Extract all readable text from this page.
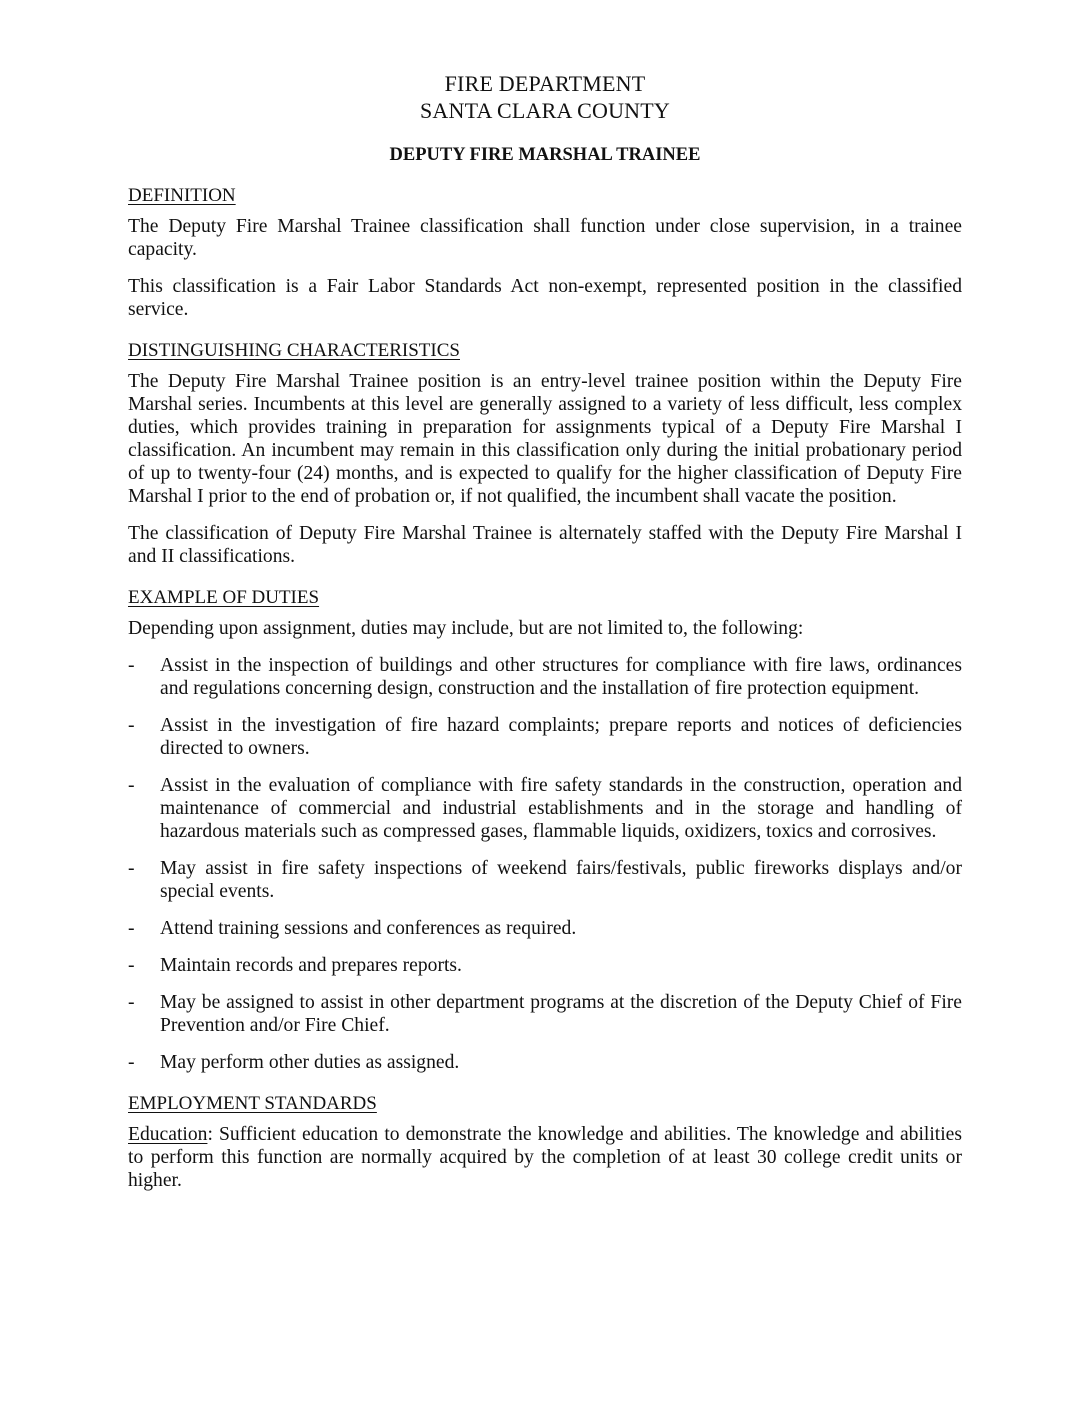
FIRE DEPARTMENT
SANTA CLARA COUNTY
DEPUTY FIRE MARSHAL TRAINEE
DEFINITION

The Deputy Fire Marshal Trainee classification shall function under close supervision, in a trainee capacity.

This classification is a Fair Labor Standards Act non-exempt, represented position in the classified service.

DISTINGUISHING CHARACTERISTICS

The Deputy Fire Marshal Trainee position is an entry-level trainee position within the Deputy Fire Marshal series. Incumbents at this level are generally assigned to a variety of less difficult, less complex duties, which provides training in preparation for assignments typical of a Deputy Fire Marshal I classification. An incumbent may remain in this classification only during the initial probationary period of up to twenty-four (24) months, and is expected to qualify for the higher classification of Deputy Fire Marshal I prior to the end of probation or, if not qualified, the incumbent shall vacate the position.

The classification of Deputy Fire Marshal Trainee is alternately staffed with the Deputy Fire Marshal I and II classifications.

EXAMPLE OF DUTIES

Depending upon assignment, duties may include, but are not limited to, the following:

-	Assist in the inspection of buildings and other structures for compliance with fire laws, ordinances and regulations concerning design, construction and the installation of fire protection equipment.
-	Assist in the investigation of fire hazard complaints; prepare reports and notices of deficiencies directed to owners.
-	Assist in the evaluation of compliance with fire safety standards in the construction, operation and maintenance of commercial and industrial establishments and in the storage and handling of hazardous materials such as compressed gases, flammable liquids, oxidizers, toxics and corrosives.
-	May assist in fire safety inspections of weekend fairs/festivals, public fireworks displays and/or special events.
-	Attend training sessions and conferences as required.
-	Maintain records and prepares reports.
-	May be assigned to assist in other department programs at the discretion of the Deputy Chief of Fire Prevention and/or Fire Chief.
-	May perform other duties as assigned.
EMPLOYMENT STANDARDS

Education: Sufficient education to demonstrate the knowledge and abilities. The knowledge and abilities to perform this function are normally acquired by the completion of at least 30 college credit units or higher.
